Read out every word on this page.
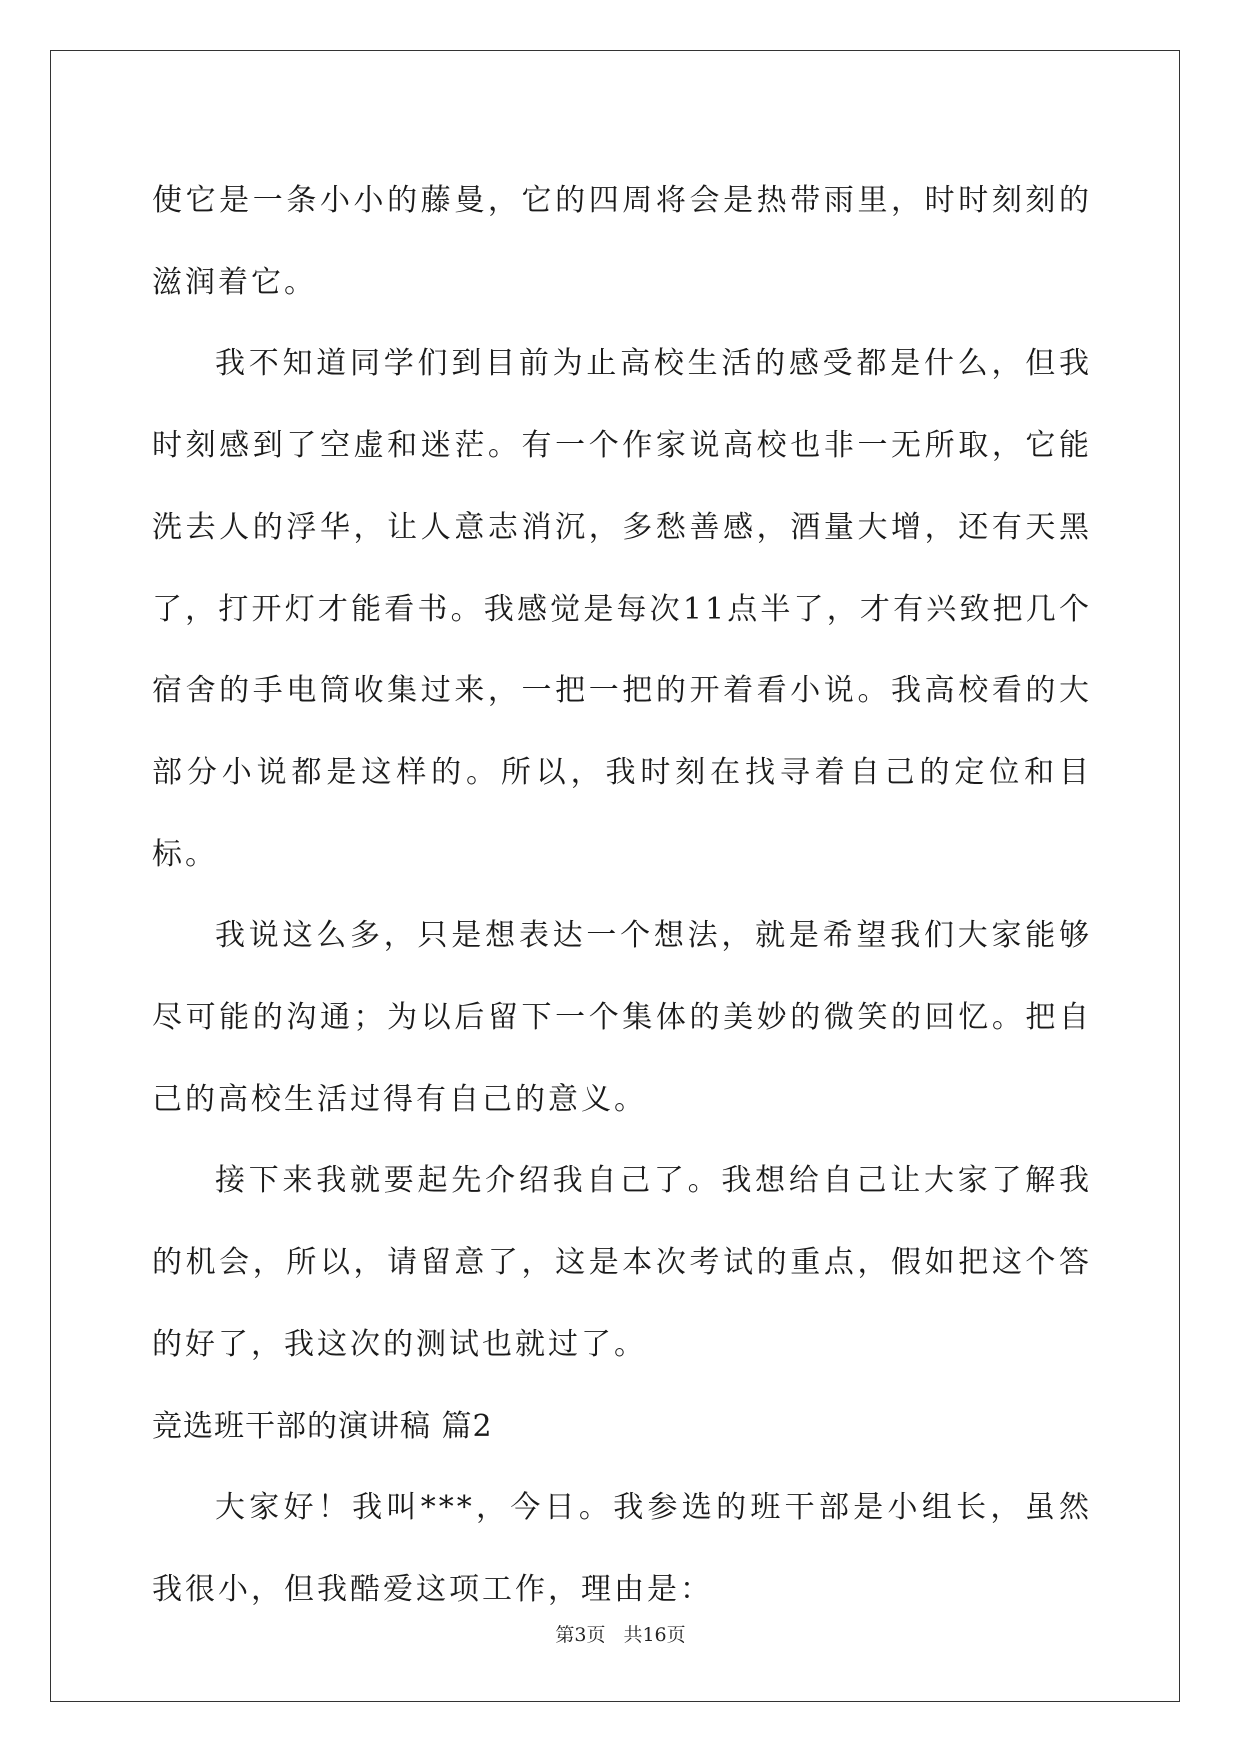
使它是一条小小的藤曼，它的四周将会是热带雨里，时时刻刻的滋润着它。

我不知道同学们到目前为止高校生活的感受都是什么，但我时刻感到了空虚和迷茫。有一个作家说高校也非一无所取，它能洗去人的浮华，让人意志消沉，多愁善感，酒量大增，还有天黑了，打开灯才能看书。我感觉是每次11点半了，才有兴致把几个宿舍的手电筒收集过来，一把一把的开着看小说。我高校看的大部分小说都是这样的。所以，我时刻在找寻着自己的定位和目标。

我说这么多，只是想表达一个想法，就是希望我们大家能够尽可能的沟通；为以后留下一个集体的美妙的微笑的回忆。把自己的高校生活过得有自己的意义。

接下来我就要起先介绍我自己了。我想给自己让大家了解我的机会，所以，请留意了，这是本次考试的重点，假如把这个答的好了，我这次的测试也就过了。

竞选班干部的演讲稿 篇2

大家好！我叫***，今日。我参选的班干部是小组长，虽然我很小，但我酷爱这项工作，理由是：

第3页 共16页
